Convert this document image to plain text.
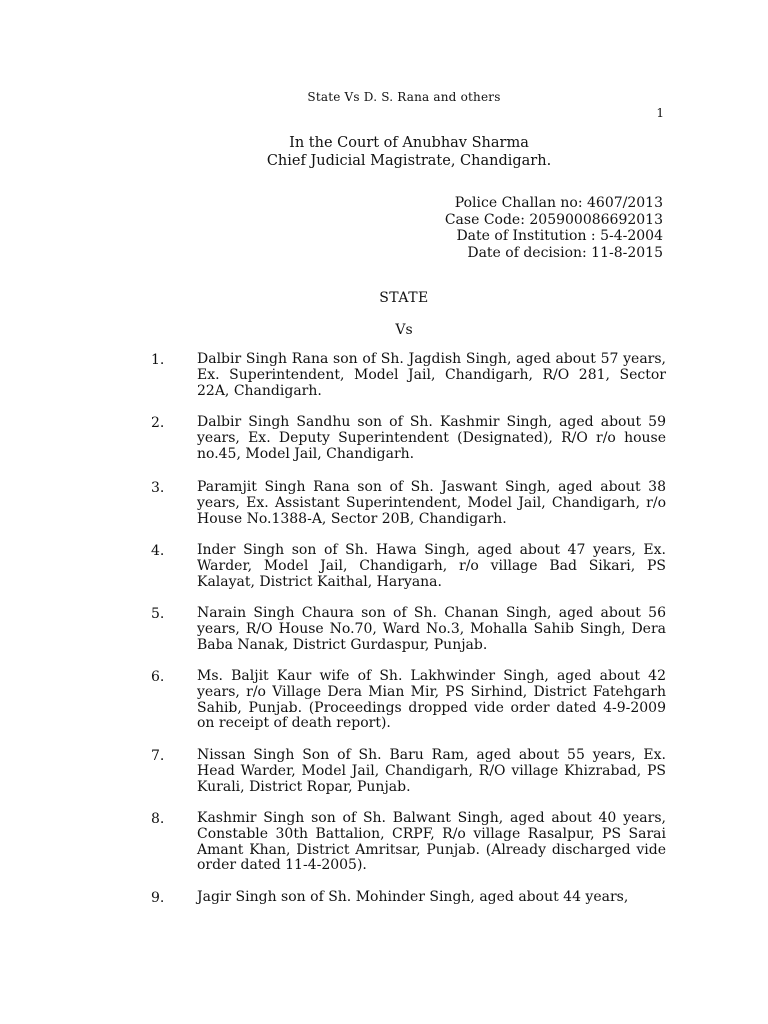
State Vs D. S. Rana and others
1
In the Court of Anubhav Sharma
Chief Judicial Magistrate, Chandigarh.
Police Challan no: 4607/2013
Case Code: 205900086692013
Date of Institution : 5-4-2004
Date of decision: 11-8-2015
STATE
Vs
1.	Dalbir Singh Rana son of Sh. Jagdish Singh, aged about 57 years, Ex. Superintendent, Model Jail, Chandigarh, R/O 281, Sector 22A, Chandigarh.
2.	Dalbir Singh Sandhu son of Sh. Kashmir Singh, aged about 59 years, Ex. Deputy Superintendent (Designated), R/O r/o house no.45, Model Jail, Chandigarh.
3.	Paramjit Singh Rana son of Sh. Jaswant Singh, aged about 38 years, Ex. Assistant Superintendent, Model Jail, Chandigarh, r/o House No.1388-A, Sector 20B, Chandigarh.
4.	Inder Singh son of Sh. Hawa Singh, aged about 47 years, Ex. Warder, Model Jail, Chandigarh, r/o village Bad Sikari, PS Kalayat, District Kaithal, Haryana.
5.	Narain Singh Chaura son of Sh. Chanan Singh, aged about 56 years, R/O House No.70, Ward No.3, Mohalla Sahib Singh, Dera Baba Nanak, District Gurdaspur, Punjab.
6.	Ms. Baljit Kaur wife of Sh. Lakhwinder Singh, aged about 42 years, r/o Village Dera Mian Mir, PS Sirhind, District Fatehgarh Sahib, Punjab. (Proceedings dropped vide order dated 4-9-2009 on receipt of death report).
7.	Nissan Singh Son of Sh. Baru Ram, aged about 55 years, Ex. Head Warder, Model Jail, Chandigarh, R/O village Khizrabad, PS Kurali, District Ropar, Punjab.
8.	Kashmir Singh son of Sh. Balwant Singh, aged about 40 years, Constable 30th Battalion, CRPF, R/o village Rasalpur, PS Sarai Amant Khan, District Amritsar, Punjab. (Already discharged vide order dated 11-4-2005).
9.	Jagir Singh son of Sh. Mohinder Singh, aged about 44 years,
